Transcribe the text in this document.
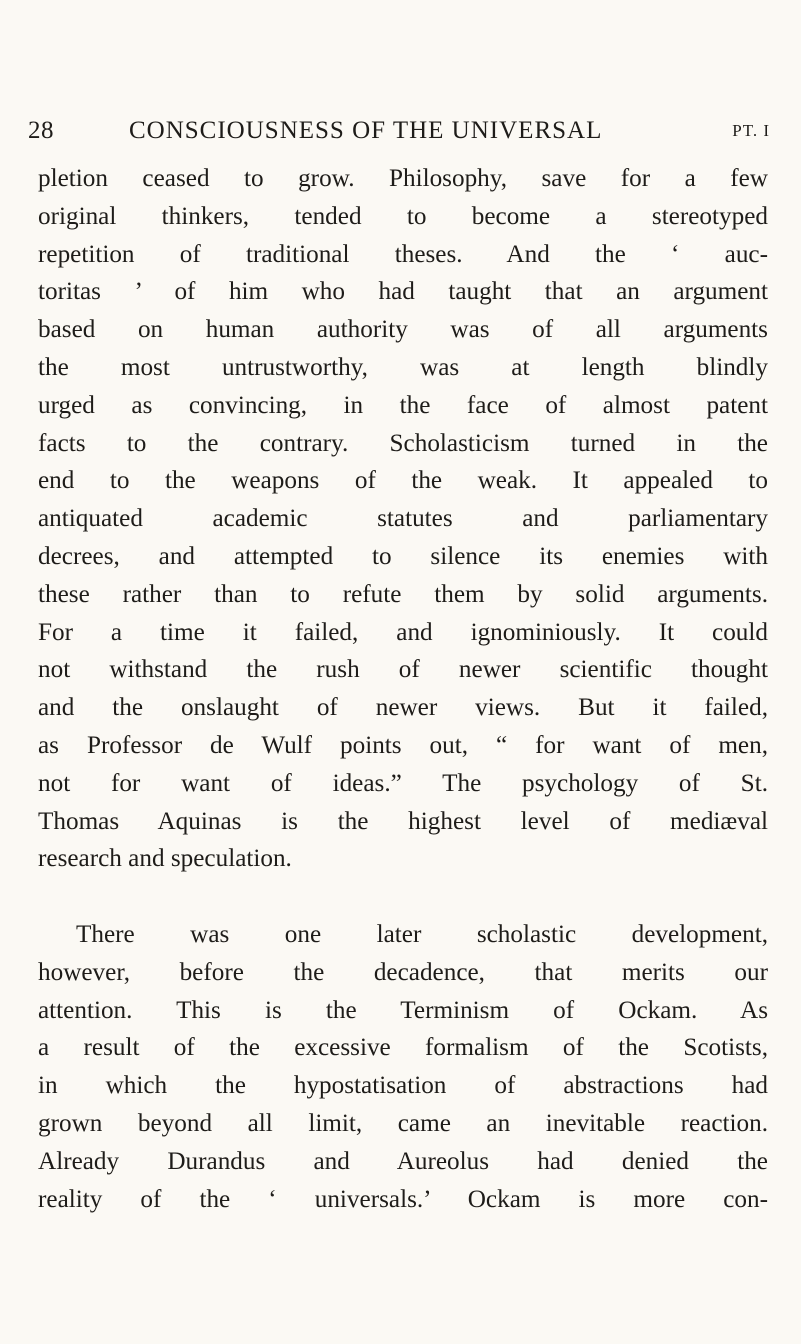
28	CONSCIOUSNESS OF THE UNIVERSAL	PT. I
pletion ceased to grow. Philosophy, save for a few
original thinkers, tended to become a stereotyped
repetition of traditional theses. And the ‘ auc-
toritas ’ of him who had taught that an argument
based on human authority was of all arguments
the most untrustworthy, was at length blindly
urged as convincing, in the face of almost patent
facts to the contrary. Scholasticism turned in the
end to the weapons of the weak. It appealed to
antiquated academic statutes and parliamentary
decrees, and attempted to silence its enemies with
these rather than to refute them by solid arguments.
For a time it failed, and ignominiously. It could
not withstand the rush of newer scientific thought
and the onslaught of newer views. But it failed,
as Professor de Wulf points out, “ for want of men,
not for want of ideas.” The psychology of St.
Thomas Aquinas is the highest level of mediæval
research and speculation.
There was one later scholastic development,
however, before the decadence, that merits our
attention. This is the Terminism of Ockam. As
a result of the excessive formalism of the Scotists,
in which the hypostatisation of abstractions had
grown beyond all limit, came an inevitable reaction.
Already Durandus and Aureolus had denied the
reality of the ‘ universals.’ Ockam is more con-
